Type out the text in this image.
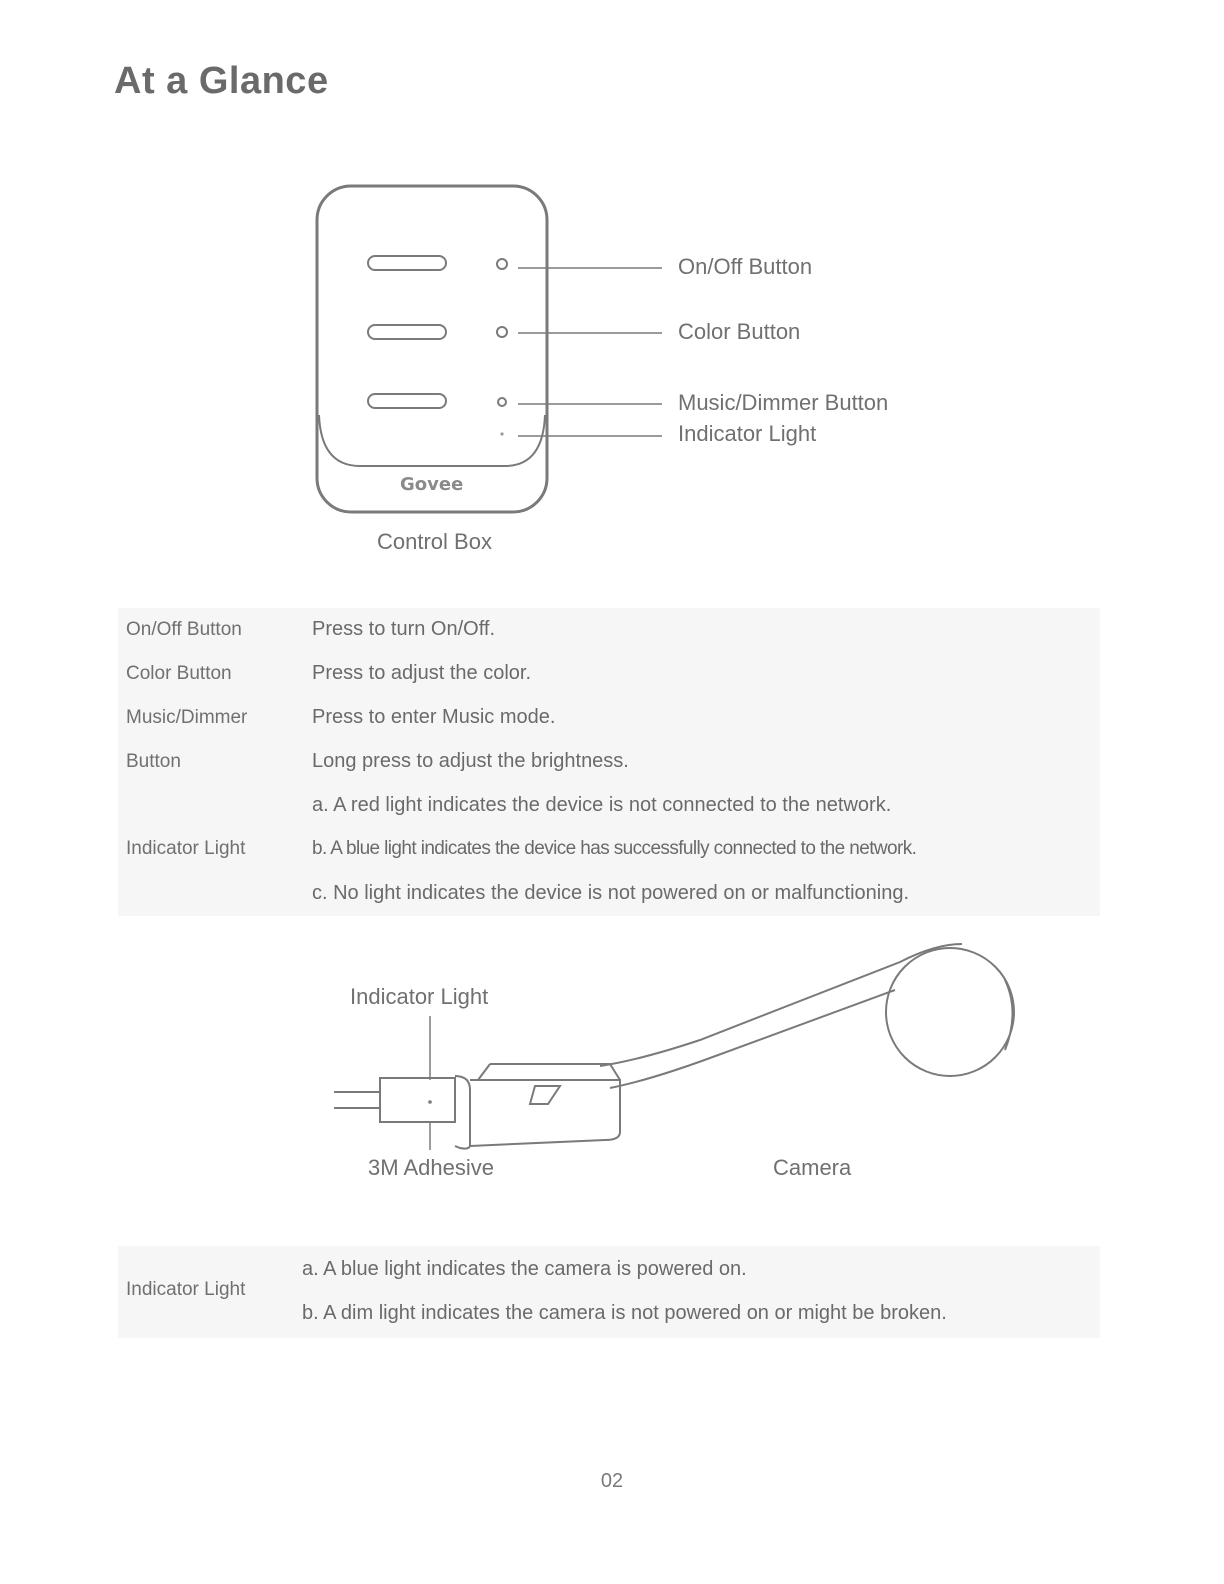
At a Glance
Govee
On/Off Button
Color Button
Music/Dimmer Button
Indicator Light
Control Box
On/Off Button	Press to turn On/Off.
Color Button	Press to adjust the color.
Music/Dimmer	Press to enter Music mode.
Button	Long press to adjust the brightness.
Indicator Light
a. A red light indicates the device is not connected to the network.
b. A blue light indicates the device has successfully connected to the network.
c. No light indicates the device is not powered on or malfunctioning.
Indicator Light
3M Adhesive	Camera
Indicator Light
a. A blue light indicates the camera is powered on.
b. A dim light indicates the camera is not powered on or might be broken.
02
